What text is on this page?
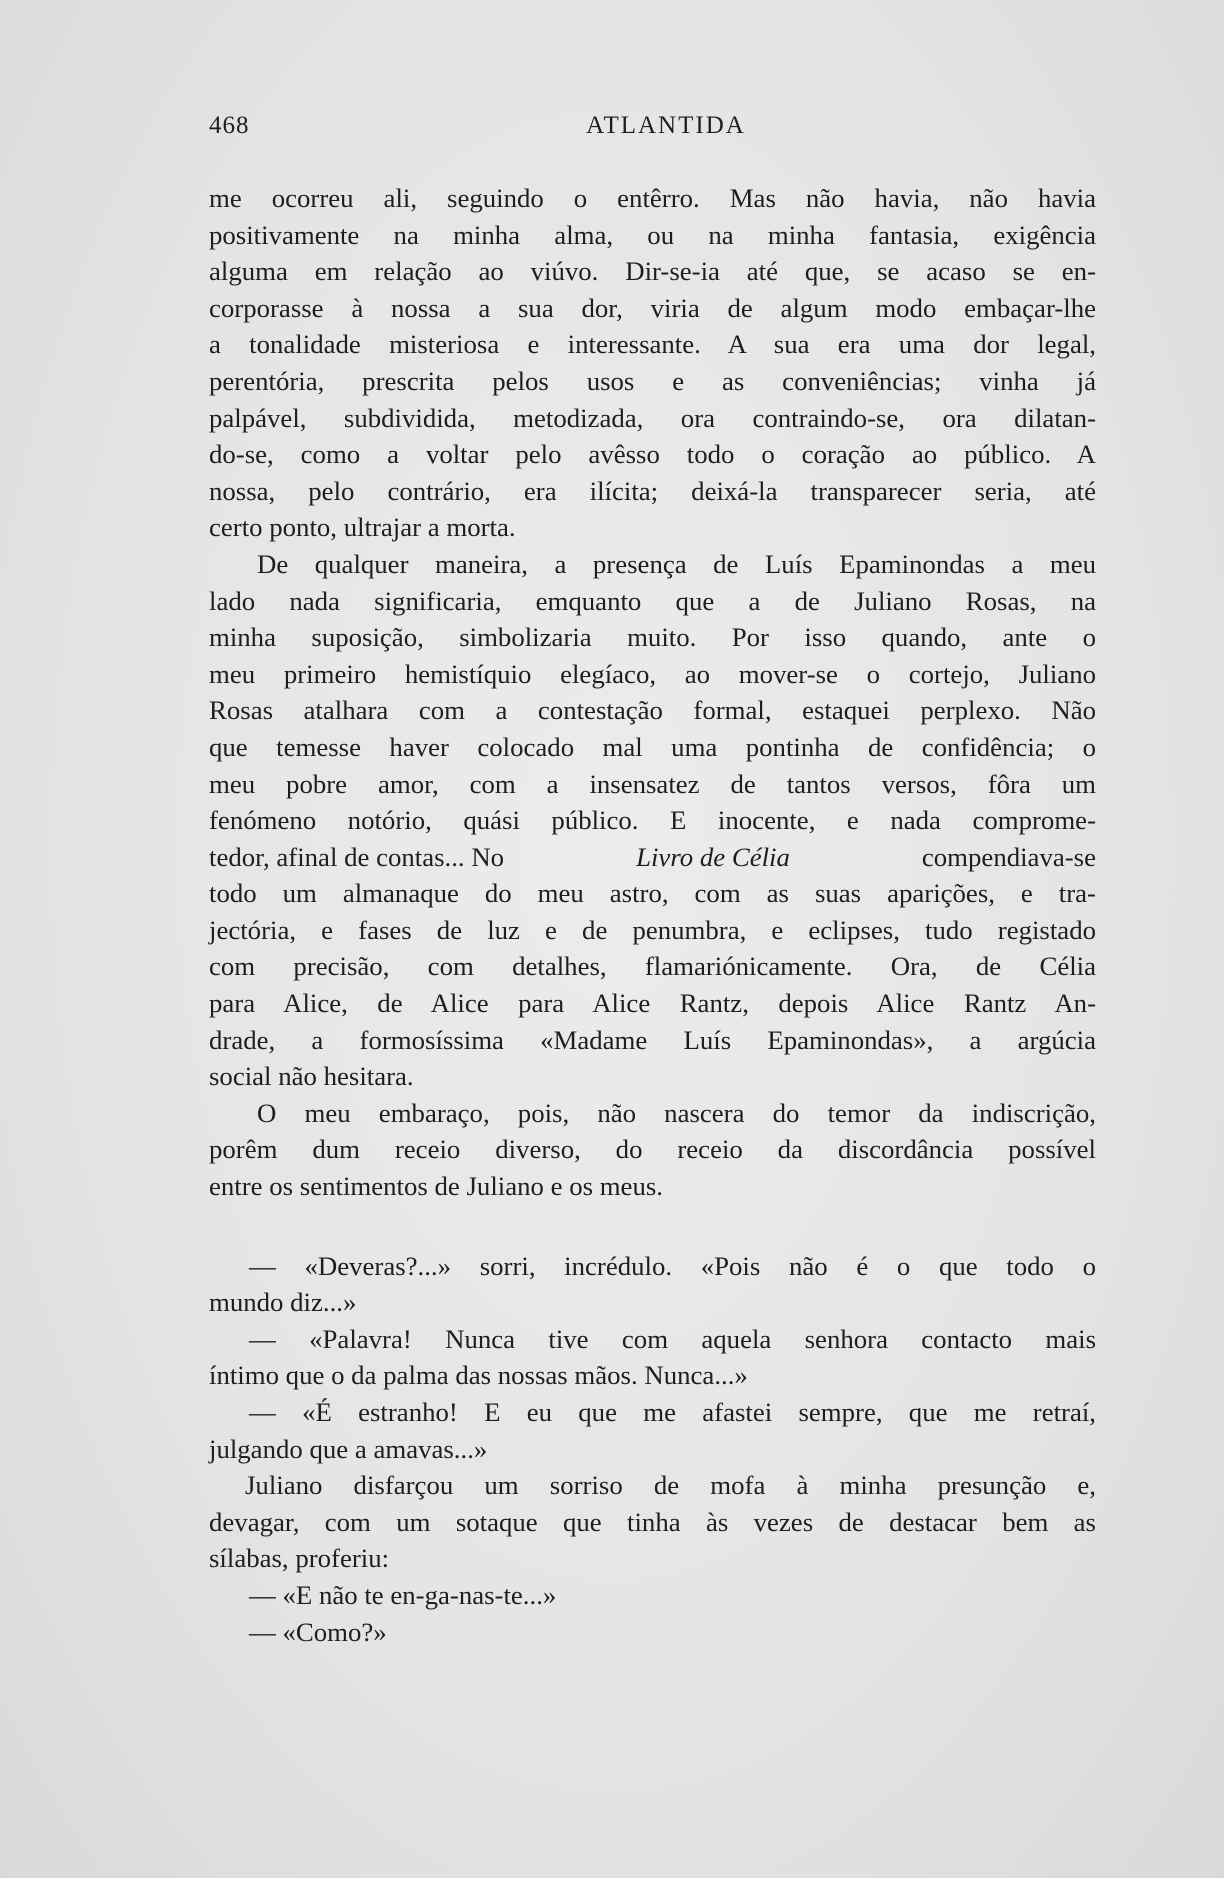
468	ATLANTIDA
me ocorreu ali, seguindo o entêrro. Mas não havia, não havia
positivamente na minha alma, ou na minha fantasia, exigência
alguma em relação ao viúvo. Dir-se-ia até que, se acaso se en-
corporasse à nossa a sua dor, viria de algum modo embaçar-lhe
a tonalidade misteriosa e interessante. A sua era uma dor legal,
perentória, prescrita pelos usos e as conveniências; vinha já
palpável, subdividida, metodizada, ora contraindo-se, ora dilatan-
do-se, como a voltar pelo avêsso todo o coração ao público. A
nossa, pelo contrário, era ilícita; deixá-la transparecer seria, até
certo ponto, ultrajar a morta.
De qualquer maneira, a presença de Luís Epaminondas a meu
lado nada significaria, emquanto que a de Juliano Rosas, na
minha suposição, simbolizaria muito. Por isso quando, ante o
meu primeiro hemistíquio elegíaco, ao mover-se o cortejo, Juliano
Rosas atalhara com a contestação formal, estaquei perplexo. Não
que temesse haver colocado mal uma pontinha de confidência; o
meu pobre amor, com a insensatez de tantos versos, fôra um
fenómeno notório, quási público. E inocente, e nada comprome-
tedor, afinal de contas... No	Livro de Célia	compendiava-se
todo um almanaque do meu astro, com as suas aparições, e tra-
jectória, e fases de luz e de penumbra, e eclipses, tudo registado
com precisão, com detalhes, flamariónicamente. Ora, de Célia
para Alice, de Alice para Alice Rantz, depois Alice Rantz An-
drade, a formosíssima «Madame Luís Epaminondas», a argúcia
social não hesitara.
O meu embaraço, pois, não nascera do temor da indiscrição,
porêm dum receio diverso, do receio da discordância possível
entre os sentimentos de Juliano e os meus.
— «Deveras?...» sorri, incrédulo. «Pois não é o que todo o
mundo diz...»
— «Palavra! Nunca tive com aquela senhora contacto mais
íntimo que o da palma das nossas mãos. Nunca...»
— «É estranho! E eu que me afastei sempre, que me retraí,
julgando que a amavas...»
Juliano disfarçou um sorriso de mofa à minha presunção e,
devagar, com um sotaque que tinha às vezes de destacar bem as
sílabas, proferiu:
— «E não te en-ga-nas-te...»
— «Como?»
